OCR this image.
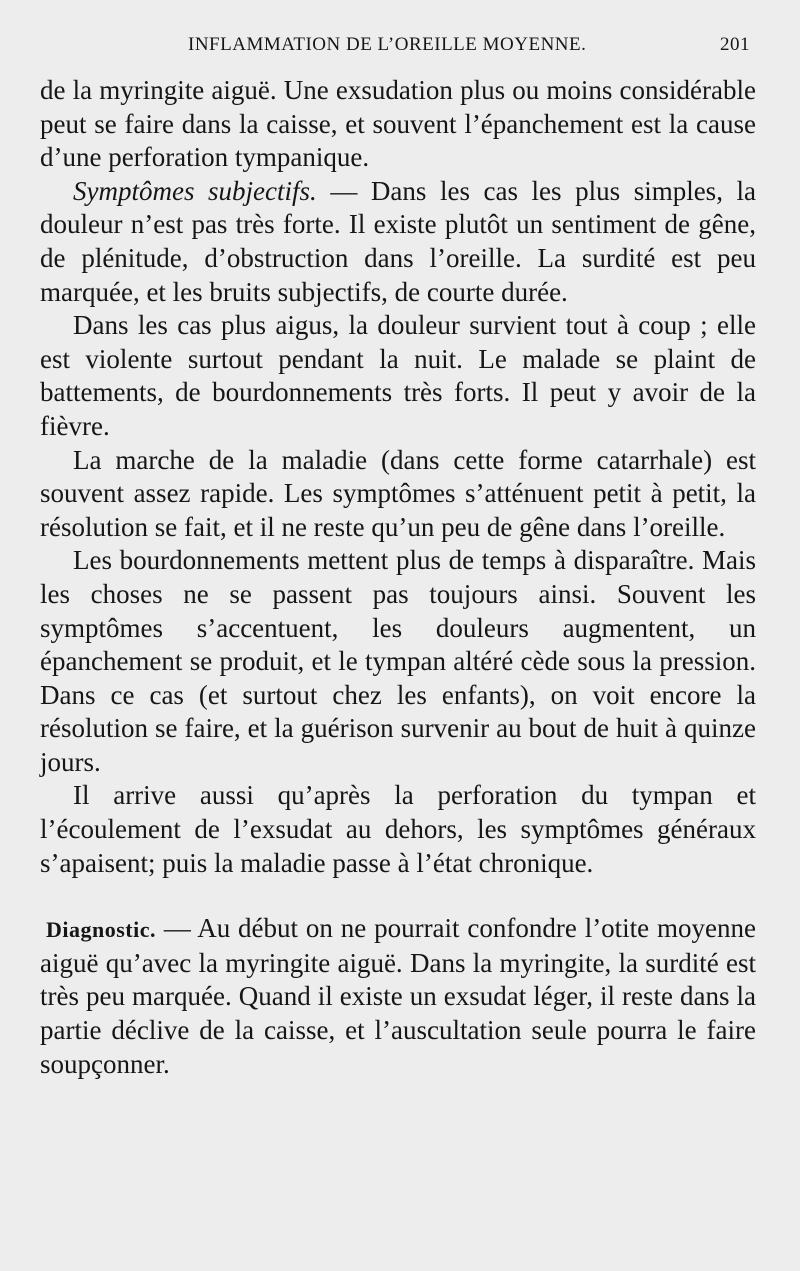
INFLAMMATION DE L’OREILLE MOYENNE.	201

de la myringite aiguë. Une exsudation plus ou moins considérable peut se faire dans la caisse, et souvent l’épanchement est la cause d’une perforation tympanique.

Symptômes subjectifs. — Dans les cas les plus simples, la douleur n’est pas très forte. Il existe plutôt un sentiment de gêne, de plénitude, d’obstruction dans l’oreille. La surdité est peu marquée, et les bruits subjectifs, de courte durée.

Dans les cas plus aigus, la douleur survient tout à coup ; elle est violente surtout pendant la nuit. Le malade se plaint de battements, de bourdonnements très forts. Il peut y avoir de la fièvre.

La marche de la maladie (dans cette forme catarrhale) est souvent assez rapide. Les symptômes s’atténuent petit à petit, la résolution se fait, et il ne reste qu’un peu de gêne dans l’oreille.

Les bourdonnements mettent plus de temps à disparaître. Mais les choses ne se passent pas toujours ainsi. Souvent les symptômes s’accentuent, les douleurs augmentent, un épanchement se produit, et le tympan altéré cède sous la pression. Dans ce cas (et surtout chez les enfants), on voit encore la résolution se faire, et la guérison survenir au bout de huit à quinze jours.

Il arrive aussi qu’après la perforation du tympan et l’écoulement de l’exsudat au dehors, les symptômes généraux s’apaisent; puis la maladie passe à l’état chronique.

Diagnostic. — Au début on ne pourrait confondre l’otite moyenne aiguë qu’avec la myringite aiguë. Dans la myringite, la surdité est très peu marquée. Quand il existe un exsudat léger, il reste dans la partie déclive de la caisse, et l’auscultation seule pourra le faire soupçonner.
